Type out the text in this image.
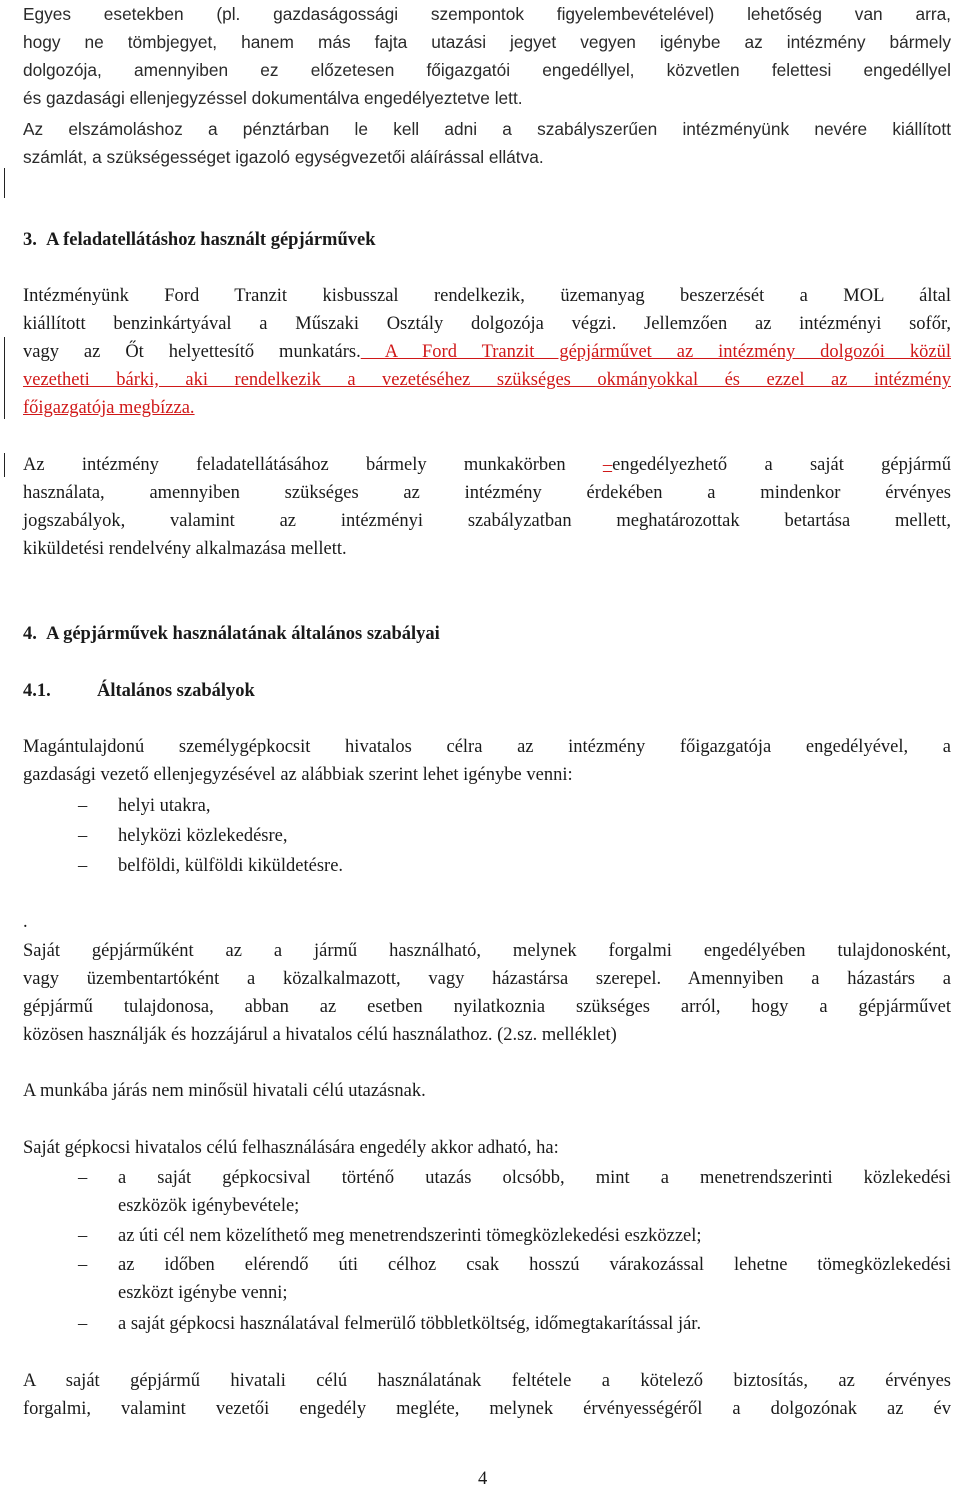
Egyes esetekben (pl. gazdaságossági szempontok figyelembevételével) lehetőség van arra,
hogy ne tömbjegyet, hanem más fajta utazási jegyet vegyen igénybe az intézmény bármely
dolgozója, amennyiben ez előzetesen főigazgatói engedéllyel, közvetlen felettesi engedéllyel
és gazdasági ellenjegyzéssel dokumentálva engedélyeztetve lett.
Az elszámoláshoz a pénztárban le kell adni a szabályszerűen intézményünk nevére kiállított
számlát, a szükségességet igazoló egységvezetői aláírással ellátva.
3. A feladatellátáshoz használt gépjárművek
Intézményünk Ford Tranzit kisbusszal rendelkezik, üzemanyag beszerzését a MOL által
kiállított benzinkártyával a Műszaki Osztály dolgozója végzi. Jellemzően az intézményi sofőr,
vagy az Őt helyettesítő munkatárs. A Ford Tranzit gépjárművet az intézmény dolgozói közül
vezetheti bárki, aki rendelkezik a vezetéséhez szükséges okmányokkal és ezzel az intézmény
főigazgatója megbízza.
Az intézmény feladatellátásához bármely munkakörben –engedélyezhető a saját gépjármű
használata, amennyiben szükséges az intézmény érdekében a mindenkor érvényes
jogszabályok, valamint az intézményi szabályzatban meghatározottak betartása mellett,
kiküldetési rendelvény alkalmazása mellett.
4. A gépjárművek használatának általános szabályai
4.1.	Általános szabályok
Magántulajdonú személygépkocsit hivatalos célra az intézmény főigazgatója engedélyével, a
gazdasági vezető ellenjegyzésével az alábbiak szerint lehet igénybe venni:
– helyi utakra,
– helyközi közlekedésre,
– belföldi, külföldi kiküldetésre.
.
Saját gépjárműként az a jármű használható, melynek forgalmi engedélyében tulajdonosként,
vagy üzembentartóként a közalkalmazott, vagy házastársa szerepel. Amennyiben a házastárs a
gépjármű tulajdonosa, abban az esetben nyilatkoznia szükséges arról, hogy a gépjárművet
közösen használják és hozzájárul a hivatalos célú használathoz. (2.sz. melléklet)
A munkába járás nem minősül hivatali célú utazásnak.
Saját gépkocsi hivatalos célú felhasználására engedély akkor adható, ha:
– a saját gépkocsival történő utazás olcsóbb, mint a menetrendszerinti közlekedési
eszközök igénybevétele;
– az úti cél nem közelíthető meg menetrendszerinti tömegközlekedési eszközzel;
– az időben elérendő úti célhoz csak hosszú várakozással lehetne tömegközlekedési
eszközt igénybe venni;
– a saját gépkocsi használatával felmerülő többletköltség, időmegtakarítással jár.
A saját gépjármű hivatali célú használatának feltétele a kötelező biztosítás, az érvényes
forgalmi, valamint vezetői engedély megléte, melynek érvényességéről a dolgozónak az év
4
